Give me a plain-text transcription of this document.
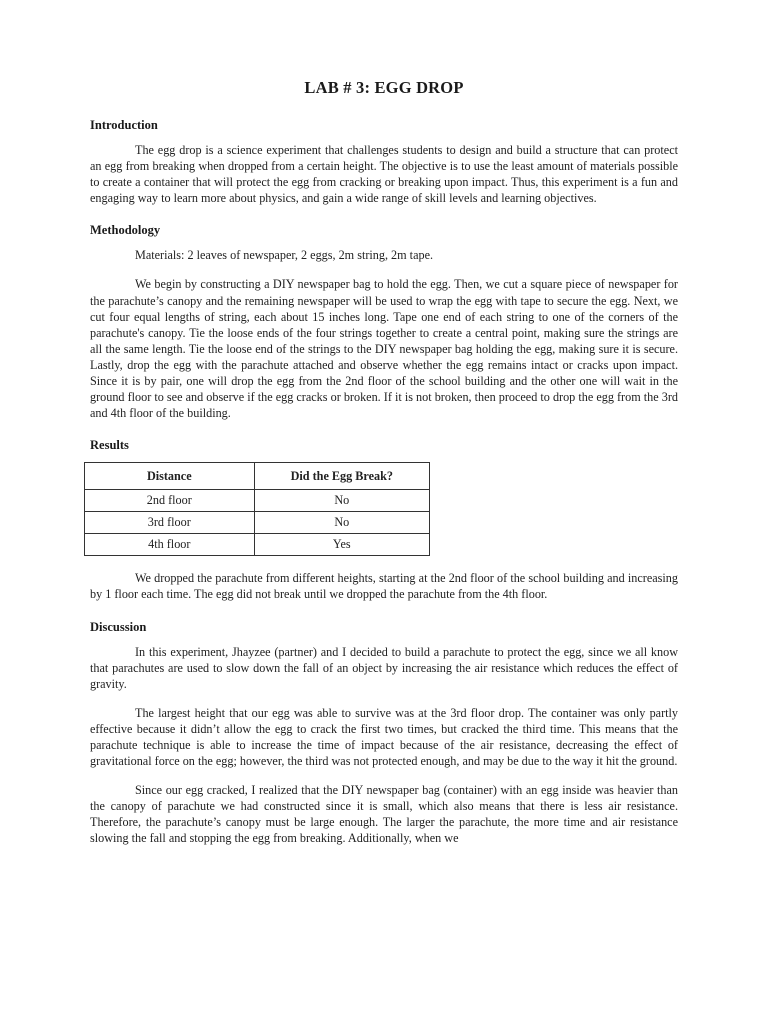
LAB # 3: EGG DROP
Introduction

The egg drop is a science experiment that challenges students to design and build a structure that can protect an egg from breaking when dropped from a certain height. The objective is to use the least amount of materials possible to create a container that will protect the egg from cracking or breaking upon impact. Thus, this experiment is a fun and engaging way to learn more about physics, and gain a wide range of skill levels and learning objectives.

Methodology

Materials: 2 leaves of newspaper, 2 eggs, 2m string, 2m tape.

We begin by constructing a DIY newspaper bag to hold the egg. Then, we cut a square piece of newspaper for the parachute’s canopy and the remaining newspaper will be used to wrap the egg with tape to secure the egg. Next, we cut four equal lengths of string, each about 15 inches long. Tape one end of each string to one of the corners of the parachute's canopy. Tie the loose ends of the four strings together to create a central point, making sure the strings are all the same length. Tie the loose end of the strings to the DIY newspaper bag holding the egg, making sure it is secure. Lastly, drop the egg with the parachute attached and observe whether the egg remains intact or cracks upon impact. Since it is by pair, one will drop the egg from the 2nd floor of the school building and the other one will wait in the ground floor to see and observe if the egg cracks or broken. If it is not broken, then proceed to drop the egg from the 3rd and 4th floor of the building.

Results
Distance	Did the Egg Break?
2nd floor	No
3rd floor	No
4th floor	Yes

We dropped the parachute from different heights, starting at the 2nd floor of the school building and increasing by 1 floor each time. The egg did not break until we dropped the parachute from the 4th floor.

Discussion

In this experiment, Jhayzee (partner) and I decided to build a parachute to protect the egg, since we all know that parachutes are used to slow down the fall of an object by increasing the air resistance which reduces the effect of gravity.

The largest height that our egg was able to survive was at the 3rd floor drop. The container was only partly effective because it didn’t allow the egg to crack the first two times, but cracked the third time. This means that the parachute technique is able to increase the time of impact because of the air resistance, decreasing the effect of gravitational force on the egg; however, the third was not protected enough, and may be due to the way it hit the ground.

Since our egg cracked, I realized that the DIY newspaper bag (container) with an egg inside was heavier than the canopy of parachute we had constructed since it is small, which also means that there is less air resistance. Therefore, the parachute’s canopy must be large enough. The larger the parachute, the more time and air resistance slowing the fall and stopping the egg from breaking. Additionally, when we
